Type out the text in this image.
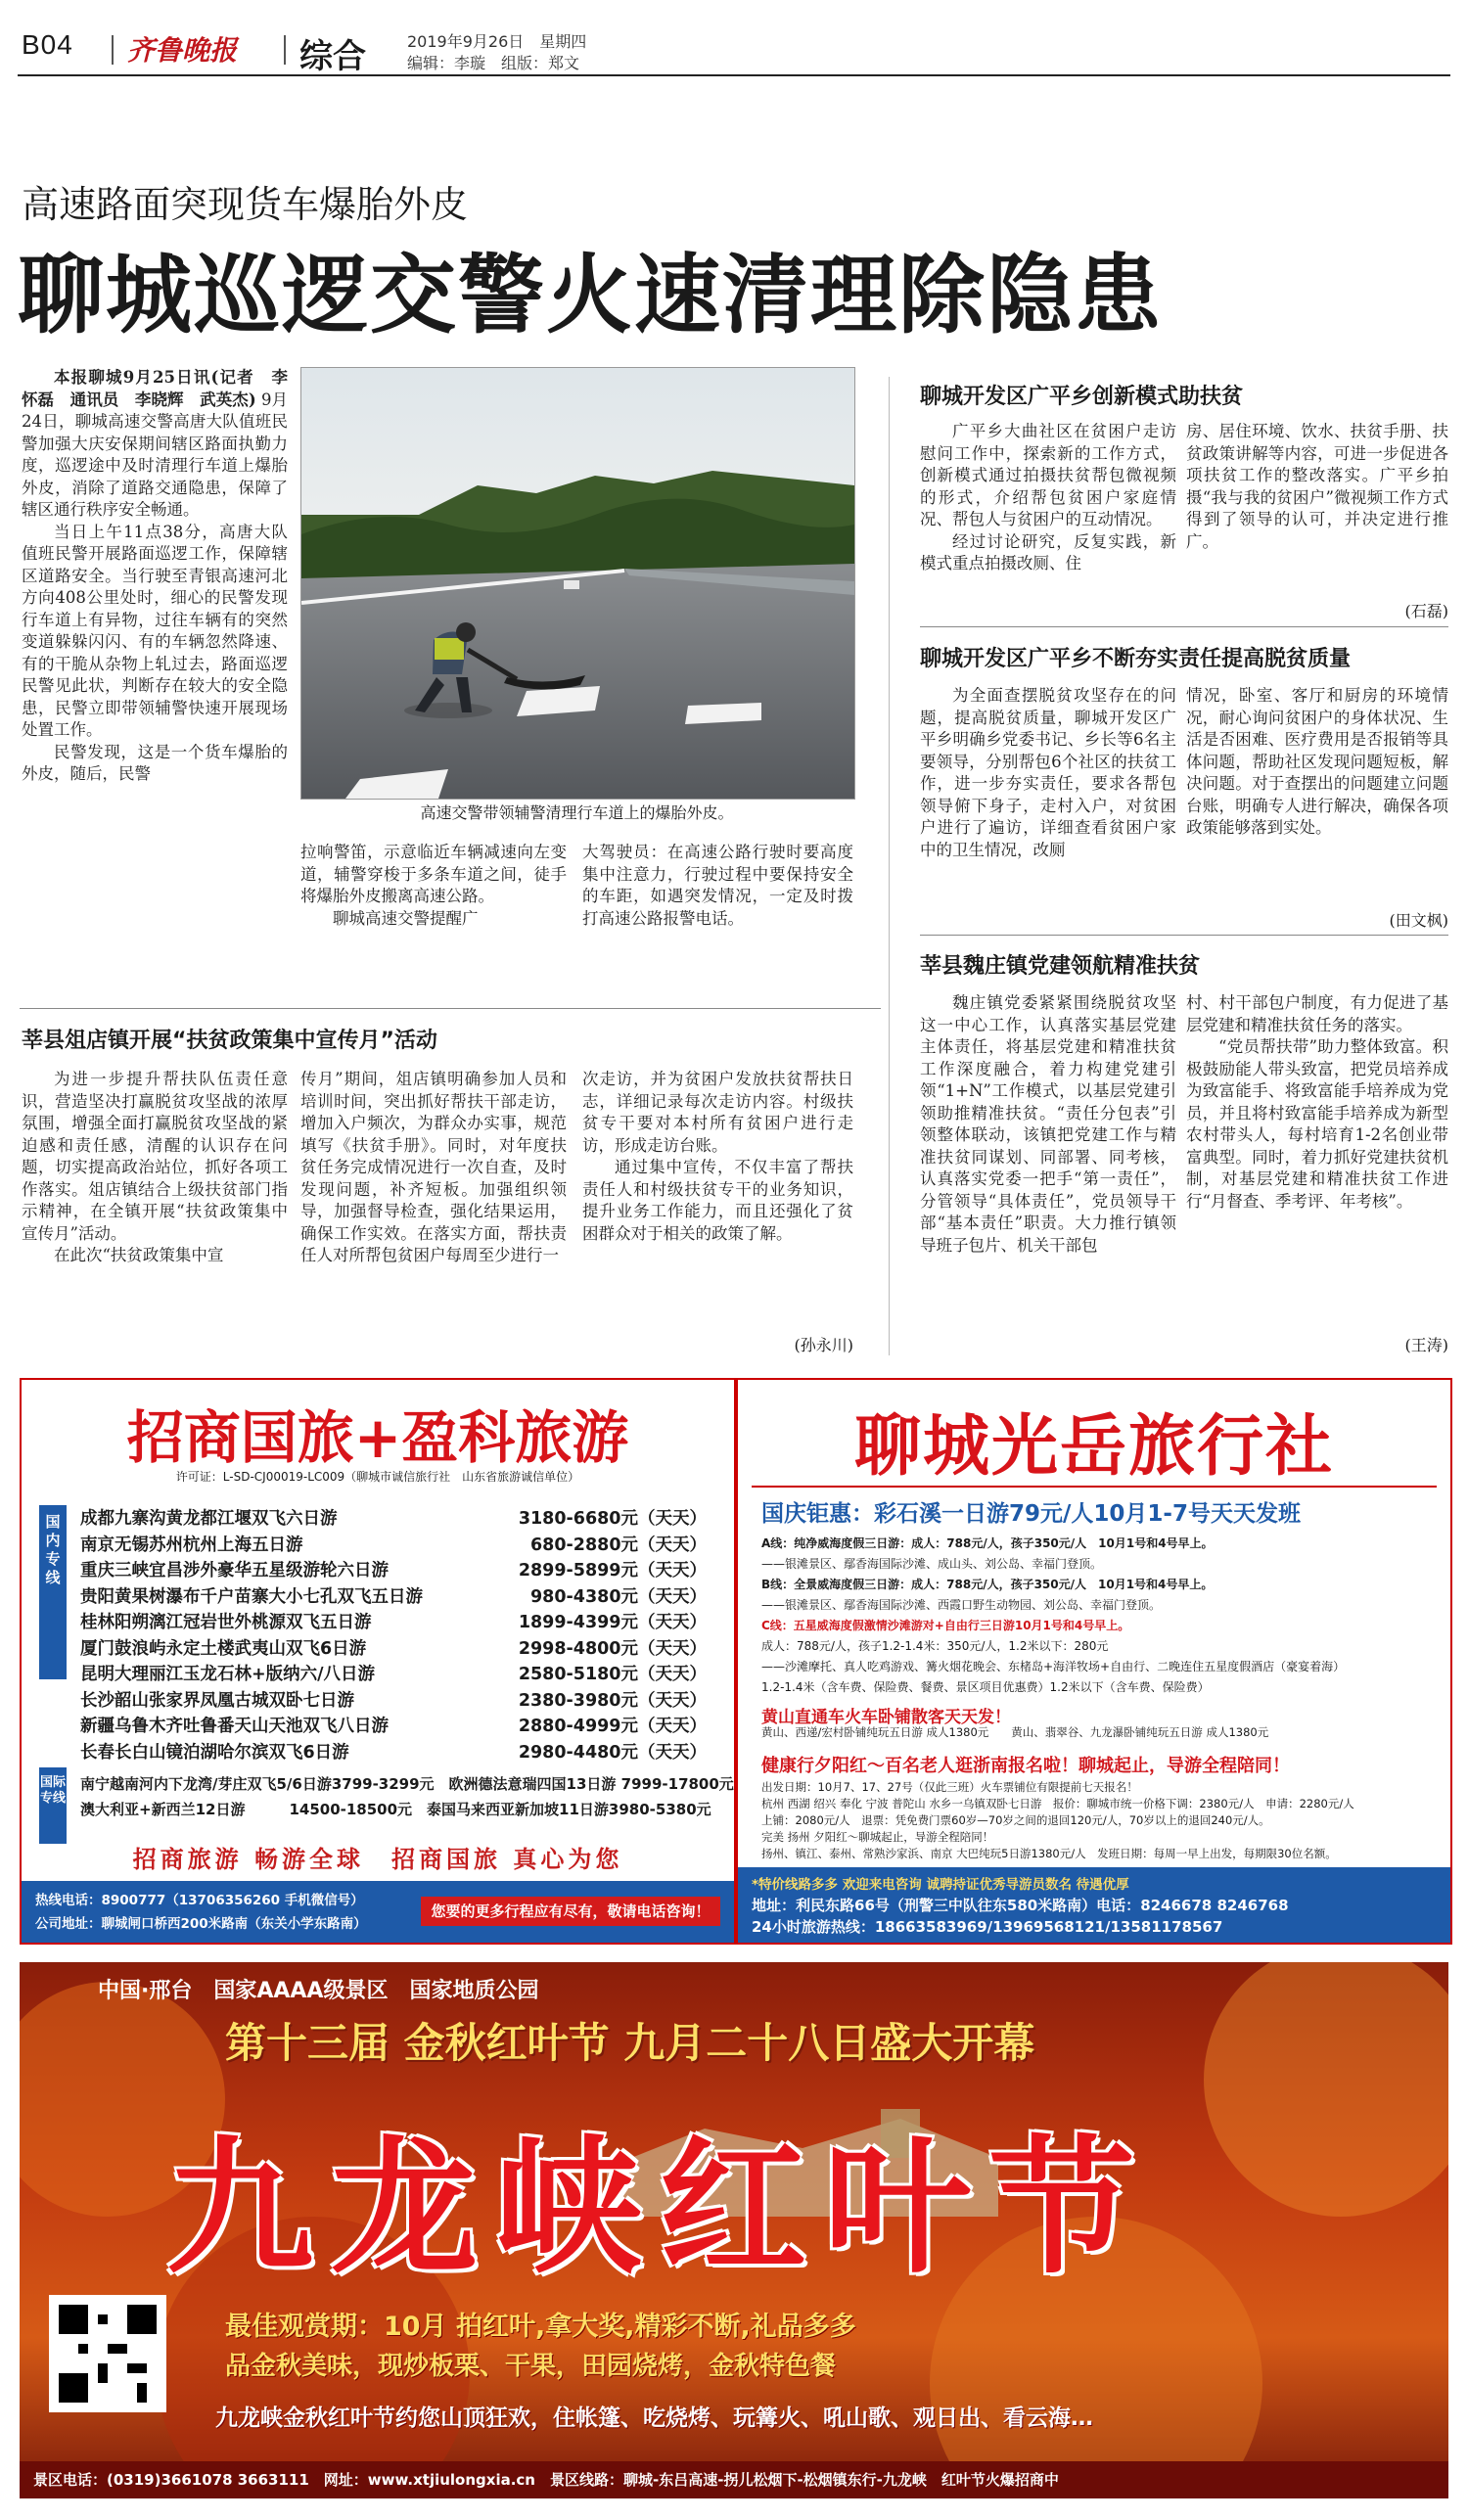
B04 齐鲁晚报 综合	2019年9月26日　星期四
编辑：李璇　组版：郑文
高速路面突现货车爆胎外皮
聊城巡逻交警火速清理除隐患

本报聊城9月25日讯(记者　李怀磊　通讯员　李晓辉　武英杰) 9月24日，聊城高速交警高唐大队值班民警加强大庆安保期间辖区路面执勤力度，巡逻途中及时清理行车道上爆胎外皮，消除了道路交通隐患，保障了辖区通行秩序安全畅通。

当日上午11点38分，高唐大队值班民警开展路面巡逻工作，保障辖区道路安全。当行驶至青银高速河北方向408公里处时，细心的民警发现行车道上有异物，过往车辆有的突然变道躲躲闪闪、有的车辆忽然降速、有的干脆从杂物上轧过去，路面巡逻民警见此状，判断存在较大的安全隐患，民警立即带领辅警快速开展现场处置工作。

民警发现，这是一个货车爆胎的外皮，随后，民警

高速交警带领辅警清理行车道上的爆胎外皮。

拉响警笛，示意临近车辆减速向左变道，辅警穿梭于多条车道之间，徒手将爆胎外皮搬离高速公路。

聊城高速交警提醒广

大驾驶员：在高速公路行驶时要高度集中注意力，行驶过程中要保持安全的车距，如遇突发情况，一定及时拨打高速公路报警电话。

聊城开发区广平乡创新模式助扶贫

广平乡大曲社区在贫困户走访慰问工作中，探索新的工作方式，创新模式通过拍摄扶贫帮包微视频的形式，介绍帮包贫困户家庭情况、帮包人与贫困户的互动情况。

经过讨论研究，反复实践，新模式重点拍摄改厕、住

房、居住环境、饮水、扶贫手册、扶贫政策讲解等内容，可进一步促进各项扶贫工作的整改落实。广平乡拍摄“我与我的贫困户”微视频工作方式得到了领导的认可，并决定进行推广。

(石磊)
聊城开发区广平乡不断夯实责任提高脱贫质量

为全面查摆脱贫攻坚存在的问题，提高脱贫质量，聊城开发区广平乡明确乡党委书记、乡长等6名主要领导，分别帮包6个社区的扶贫工作，进一步夯实责任，要求各帮包领导俯下身子，走村入户，对贫困户进行了遍访，详细查看贫困户家中的卫生情况，改厕

情况，卧室、客厅和厨房的环境情况，耐心询问贫困户的身体状况、生活是否困难、医疗费用是否报销等具体问题，帮助社区发现问题短板，解决问题。对于查摆出的问题建立问题台账，明确专人进行解决，确保各项政策能够落到实处。

(田文枫)
莘县魏庄镇党建领航精准扶贫

魏庄镇党委紧紧围绕脱贫攻坚这一中心工作，认真落实基层党建主体责任，将基层党建和精准扶贫工作深度融合，着力构建党建引领“1+N”工作模式，以基层党建引领助推精准扶贫。“责任分包表”引领整体联动，该镇把党建工作与精准扶贫同谋划、同部署、同考核，认真落实党委一把手“第一责任”，分管领导“具体责任”，党员领导干部“基本责任”职责。大力推行镇领导班子包片、机关干部包

村、村干部包户制度，有力促进了基层党建和精准扶贫任务的落实。

“党员帮扶带”助力整体致富。积极鼓励能人带头致富，把党员培养成为致富能手、将致富能手培养成为党员，并且将村致富能手培养成为新型农村带头人，每村培育1-2名创业带富典型。同时，着力抓好党建扶贫机制，对基层党建和精准扶贫工作进行“月督查、季考评、年考核”。

(王涛)
莘县俎店镇开展“扶贫政策集中宣传月”活动

为进一步提升帮扶队伍责任意识，营造坚决打赢脱贫攻坚战的浓厚氛围，增强全面打赢脱贫攻坚战的紧迫感和责任感，清醒的认识存在问题，切实提高政治站位，抓好各项工作落实。俎店镇结合上级扶贫部门指示精神，在全镇开展“扶贫政策集中宣传月”活动。

在此次“扶贫政策集中宣

传月”期间，俎店镇明确参加人员和培训时间，突出抓好帮扶干部走访，增加入户频次，为群众办实事，规范填写《扶贫手册》。同时，对年度扶贫任务完成情况进行一次自查，及时发现问题，补齐短板。加强组织领导，加强督导检查，强化结果运用，确保工作实效。在落实方面，帮扶责任人对所帮包贫困户每周至少进行一

次走访，并为贫困户发放扶贫帮扶日志，详细记录每次走访内容。村级扶贫专干要对本村所有贫困户进行走访，形成走访台账。

通过集中宣传，不仅丰富了帮扶责任人和村级扶贫专干的业务知识，提升业务工作能力，而且还强化了贫困群众对于相关的政策了解。

(孙永川)
招商国旅+盈科旅游
许可证：L-SD-CJ00019-LC009（聊城市诚信旅行社　山东省旅游诚信单位）
国内专线
成都九寨沟黄龙都江堰双飞六日游	3180-6680元（天天）
南京无锡苏州杭州上海五日游	680-2880元（天天）
重庆三峡宜昌涉外豪华五星级游轮六日游	2899-5899元（天天）
贵阳黄果树瀑布千户苗寨大小七孔双飞五日游	980-4380元（天天）
桂林阳朔漓江冠岩世外桃源双飞五日游	1899-4399元（天天）
厦门鼓浪屿永定土楼武夷山双飞6日游	2998-4800元（天天）
昆明大理丽江玉龙石林+版纳六/八日游	2580-5180元（天天）
长沙韶山张家界凤凰古城双卧七日游	2380-3980元（天天）
新疆乌鲁木齐吐鲁番天山天池双飞八日游	2880-4999元（天天）
长春长白山镜泊湖哈尔滨双飞6日游	2980-4480元（天天）
国际专线
南宁越南河内下龙湾/芽庄双飞5/6日游3799-3299元　欧洲德法意瑞四国13日游 7999-17800元
澳大利亚+新西兰12日游　　　14500-18500元　泰国马来西亚新加坡11日游3980-5380元
招商旅游 畅游全球　招商国旅 真心为您
热线电话：8900777（13706356260 手机微信号）
公司地址：聊城闸口桥西200米路南（东关小学东路南）
您要的更多行程应有尽有，敬请电话咨询！
聊城光岳旅行社
国庆钜惠：彩石溪一日游79元/人10月1-7号天天发班
A线：纯净威海度假三日游：成人：788元/人，孩子350元/人　10月1号和4号早上。
——银滩景区、鄢香海国际沙滩、成山头、刘公岛、幸福门登顶。
B线：全景威海度假三日游：成人：788元/人，孩子350元/人　10月1号和4号早上。
——银滩景区、鄢香海国际沙滩、西霞口野生动物园、刘公岛、幸福门登顶。
C线：五星威海度假激情沙滩游对+自由行三日游10月1号和4号早上。
成人：788元/人，孩子1.2-1.4米：350元/人，1.2米以下：280元
——沙滩摩托、真人吃鸡游戏、篝火烟花晚会、东楮岛+海洋牧场+自由行、二晚连住五星度假酒店（豪宴着海）
1.2-1.4米（含车费、保险费、餐费、景区项目优惠费）1.2米以下（含车费、保险费）
黄山直通车火车卧铺散客天天发！
黄山、西递/宏村卧铺纯玩五日游 成人1380元　　黄山、翡翠谷、九龙瀑卧铺纯玩五日游 成人1380元
健康行夕阳红～百名老人逛浙南报名啦！聊城起止，导游全程陪同！
出发日期：10月7、17、27号（仅此三班）火车票铺位有限提前七天报名！
杭州 西湖 绍兴 奉化 宁波 普陀山 水乡一乌镇双卧七日游　报价：聊城市统一价格下调：2380元/人　申请：2280元/人
上铺：2080元/人　退票：凭免费门票60岁—70岁之间的退回120元/人，70岁以上的退回240元/人。
完美 扬州 夕阳红～聊城起止，导游全程陪同！
扬州、镇江、泰州、常熟沙家浜、南京 大巴纯玩5日游1380元/人　发班日期：每周一早上出发，每期限30位名额。
*特价线路多多 欢迎来电咨询 诚聘持证优秀导游员数名 待遇优厚
地址：利民东路66号（刑警三中队往东580米路南）电话：8246678 8246768
24小时旅游热线：18663583969/13969568121/13581178567
中国·邢台　国家AAAA级景区　国家地质公园
第十三届 金秋红叶节 九月二十八日盛大开幕
九龙峡红叶节
最佳观赏期：10月 拍红叶,拿大奖,精彩不断,礼品多多
品金秋美味，现炒板栗、干果，田园烧烤，金秋特色餐
九龙峡金秋红叶节约您山顶狂欢，住帐篷、吃烧烤、玩篝火、吼山歌、观日出、看云海…
景区电话：(0319)3661078 3663111　网址：www.xtjiulongxia.cn　景区线路：聊城-东吕高速-拐儿松烟下-松烟镇东行-九龙峡　红叶节火爆招商中
